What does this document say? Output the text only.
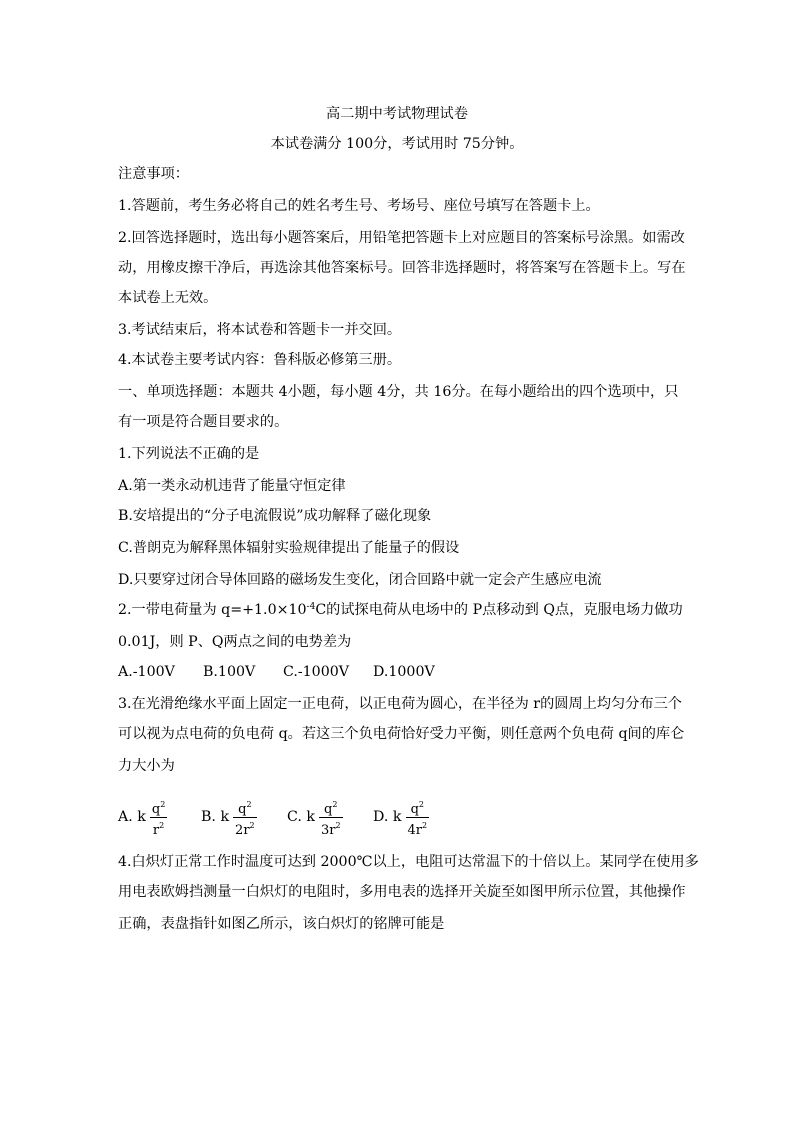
高二期中考试物理试卷
本试卷满分 100分，考试用时 75分钟。
注意事项：
1.答题前，考生务必将自己的姓名考生号、考场号、座位号填写在答题卡上。
2.回答选择题时，选出每小题答案后，用铅笔把答题卡上对应题目的答案标号涂黑。如需改
动，用橡皮擦干净后，再选涂其他答案标号。回答非选择题时，将答案写在答题卡上。写在
本试卷上无效。
3.考试结束后，将本试卷和答题卡一并交回。
4.本试卷主要考试内容：鲁科版必修第三册。
一、单项选择题：本题共 4小题，每小题 4分，共 16分。在每小题给出的四个选项中，只
有一项是符合题目要求的。
1.下列说法不正确的是
A.第一类永动机违背了能量守恒定律
B.安培提出的“分子电流假说”成功解释了磁化现象
C.普朗克为解释黑体辐射实验规律提出了能量子的假设
D.只要穿过闭合导体回路的磁场发生变化，闭合回路中就一定会产生感应电流
2.一带电荷量为 $q=+1.0\times 10^{-4}C$的试探电荷从电场中的 P点移动到 Q点，克服电场力做功
0.01J，则 P、Q两点之间的电势差为
A.-100V B.100V C.-1000V D.1000V
3.在光滑绝缘水平面上固定一正电荷，以正电荷为圆心，在半径为 r的圆周上均匀分布三个
可以视为点电荷的负电荷 q。若这三个负电荷恰好受力平衡，则任意两个负电荷 q间的库仑
力大小为
A. k $\frac{q^2}{r^2} B$. k $\frac{q^2}{2r^2} C$. k $\frac{q^2}{3r^2} D$. k $\frac{q^2}{4r^2}$
4.白炽灯正常工作时温度可达到 2000℃以上，电阻可达常温下的十倍以上。某同学在使用多
用电表欧姆挡测量一白炽灯的电阻时，多用电表的选择开关旋至如图甲所示位置，其他操作
正确，表盘指针如图乙所示，该白炽灯的铭牌可能是
